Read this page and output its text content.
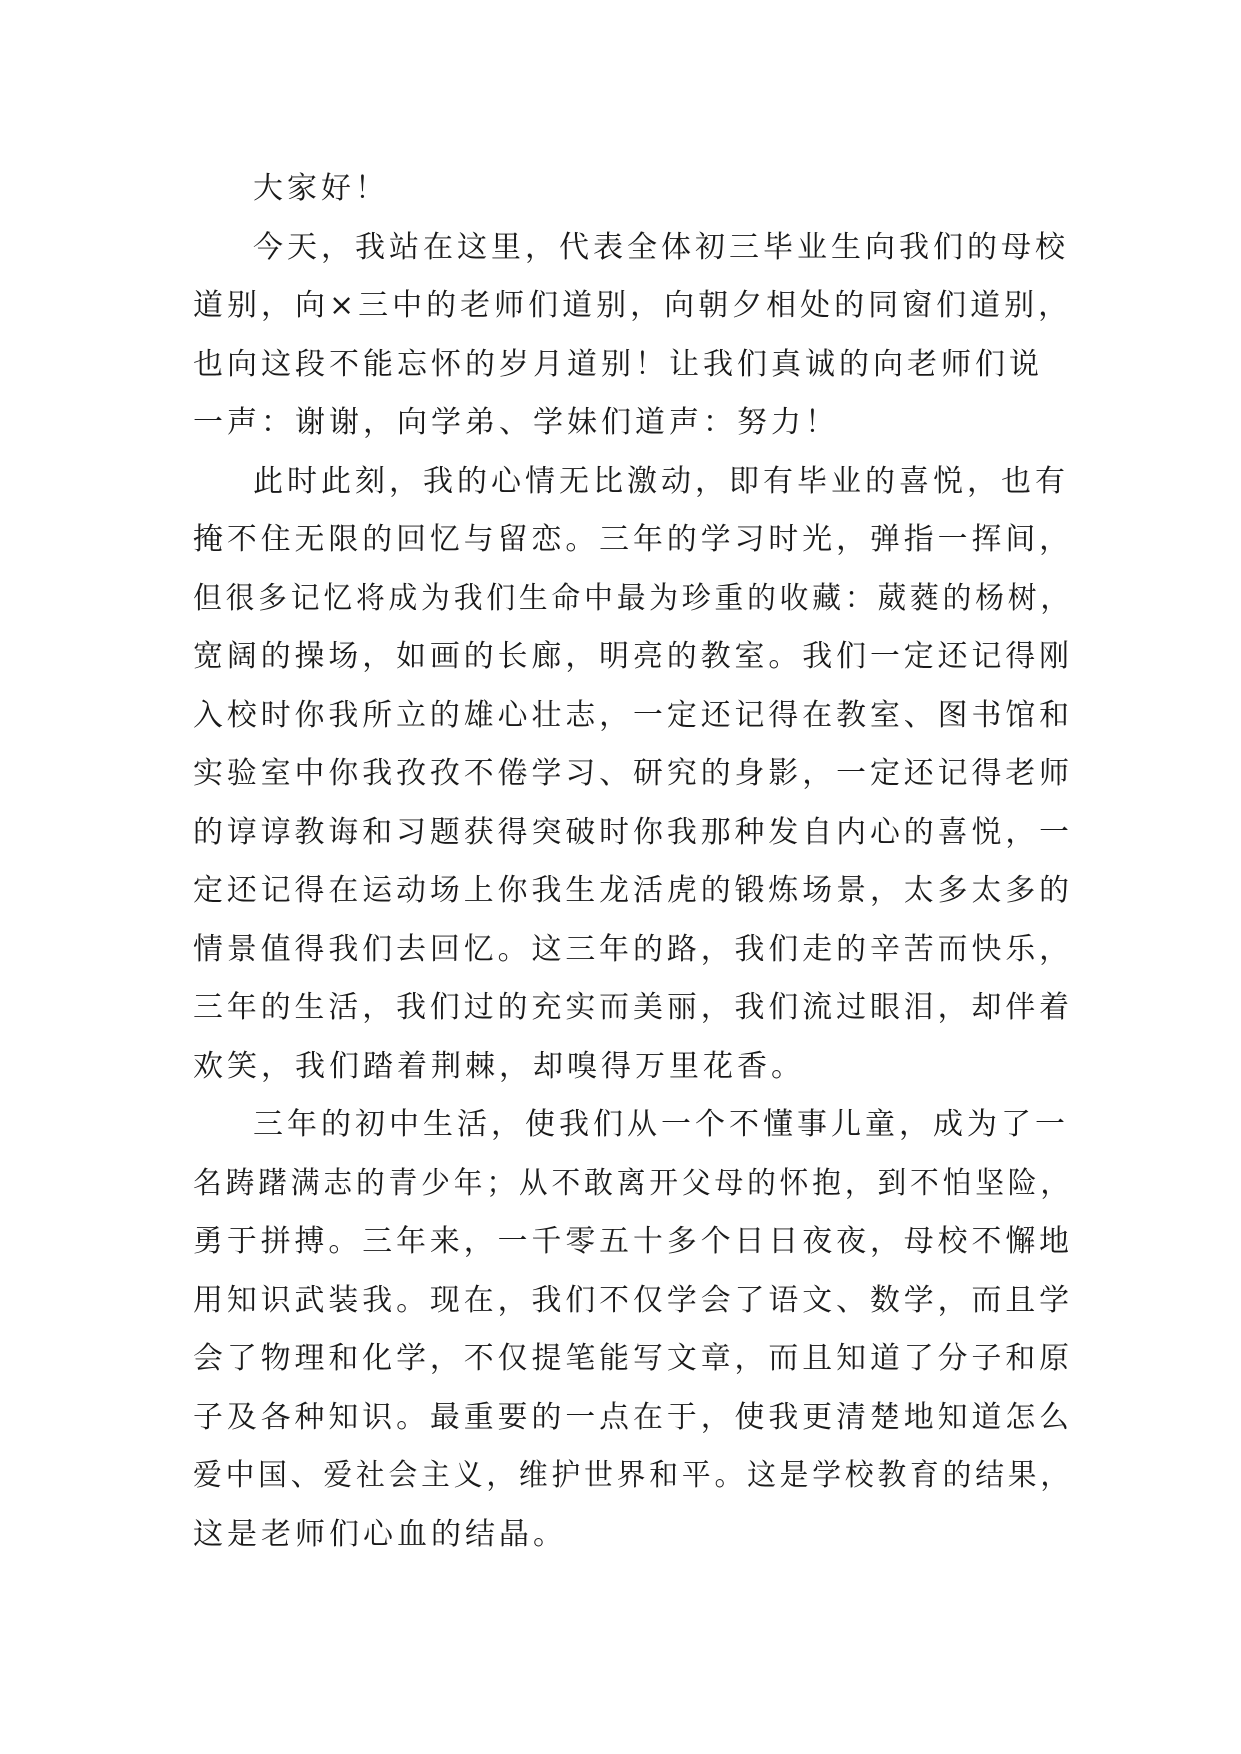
大家好！
今天，我站在这里，代表全体初三毕业生向我们的母校
道别，向×三中的老师们道别，向朝夕相处的同窗们道别，
也向这段不能忘怀的岁月道别！让我们真诚的向老师们说
一声：谢谢，向学弟、学妹们道声：努力！
此时此刻，我的心情无比激动，即有毕业的喜悦，也有
掩不住无限的回忆与留恋。三年的学习时光，弹指一挥间，
但很多记忆将成为我们生命中最为珍重的收藏：葳蕤的杨树，
宽阔的操场，如画的长廊，明亮的教室。我们一定还记得刚
入校时你我所立的雄心壮志，一定还记得在教室、图书馆和
实验室中你我孜孜不倦学习、研究的身影，一定还记得老师
的谆谆教诲和习题获得突破时你我那种发自内心的喜悦，一
定还记得在运动场上你我生龙活虎的锻炼场景，太多太多的
情景值得我们去回忆。这三年的路，我们走的辛苦而快乐，
三年的生活，我们过的充实而美丽，我们流过眼泪，却伴着
欢笑，我们踏着荆棘，却嗅得万里花香。
三年的初中生活，使我们从一个不懂事儿童，成为了一
名踌躇满志的青少年；从不敢离开父母的怀抱，到不怕坚险，
勇于拼搏。三年来，一千零五十多个日日夜夜，母校不懈地
用知识武装我。现在，我们不仅学会了语文、数学，而且学
会了物理和化学，不仅提笔能写文章，而且知道了分子和原
子及各种知识。最重要的一点在于，使我更清楚地知道怎么
爱中国、爱社会主义，维护世界和平。这是学校教育的结果，
这是老师们心血的结晶。
